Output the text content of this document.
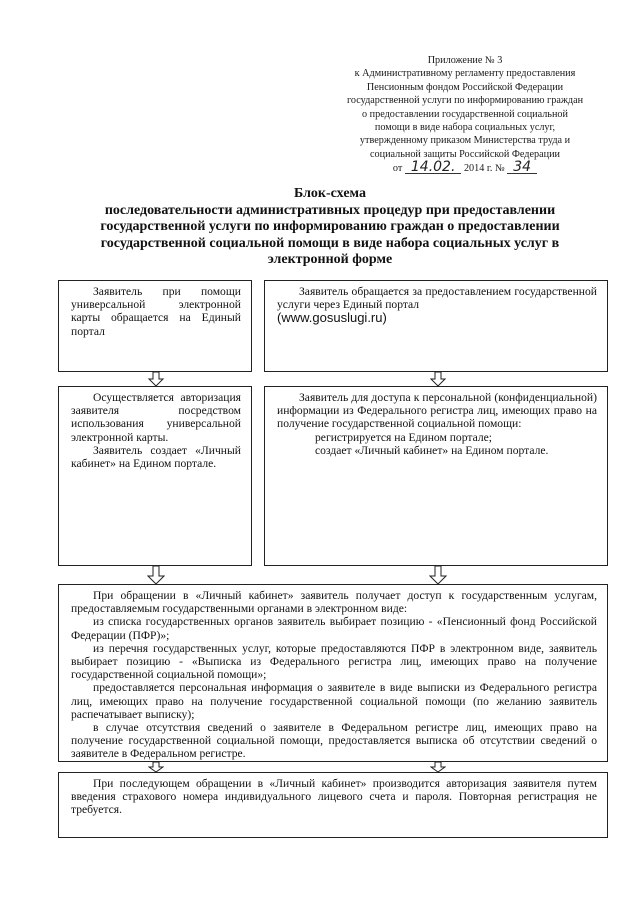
Приложение № 3
к Административному регламенту предоставления
Пенсионным фондом Российской Федерации
государственной услуги по информированию граждан
о предоставлении государственной социальной
помощи в виде набора социальных услуг,
утвержденному приказом Министерства труда и
социальной защиты Российской Федерации
от 14.02. 2014 г. № 34
Блок-схема
последовательности административных процедур при предоставлении
государственной услуги по информированию граждан о предоставлении
государственной социальной помощи в виде набора социальных услуг в
электронной форме

Заявитель при помощи универсальной электронной карты обращается на Единый портал

Заявитель обращается за предоставлением государственной услуги через Единый портал

(www.gosuslugi.ru)

Осуществляется авторизация заявителя посредством использования универсальной электронной карты.

Заявитель создает «Личный кабинет» на Едином портале.

Заявитель для доступа к персональной (конфиденциальной) информации из Федерального регистра лиц, имеющих право на получение государственной социальной помощи:

регистрируется на Едином портале;

создает «Личный кабинет» на Едином портале.

При обращении в «Личный кабинет» заявитель получает доступ к государственным услугам, предоставляемым государственными органами в электронном виде:

из списка государственных органов заявитель выбирает позицию - «Пенсионный фонд Российской Федерации (ПФР)»;

из перечня государственных услуг, которые предоставляются ПФР в электронном виде, заявитель выбирает позицию - «Выписка из Федерального регистра лиц, имеющих право на получение государственной социальной помощи»;

предоставляется персональная информация о заявителе в виде выписки из Федерального регистра лиц, имеющих право на получение государственной социальной помощи (по желанию заявитель распечатывает выписку);

в случае отсутствия сведений о заявителе в Федеральном регистре лиц, имеющих право на получение государственной социальной помощи, предоставляется выписка об отсутствии сведений о заявителе в Федеральном регистре.

При последующем обращении в «Личный кабинет» производится авторизация заявителя путем введения страхового номера индивидуального лицевого счета и пароля. Повторная регистрация не требуется.
